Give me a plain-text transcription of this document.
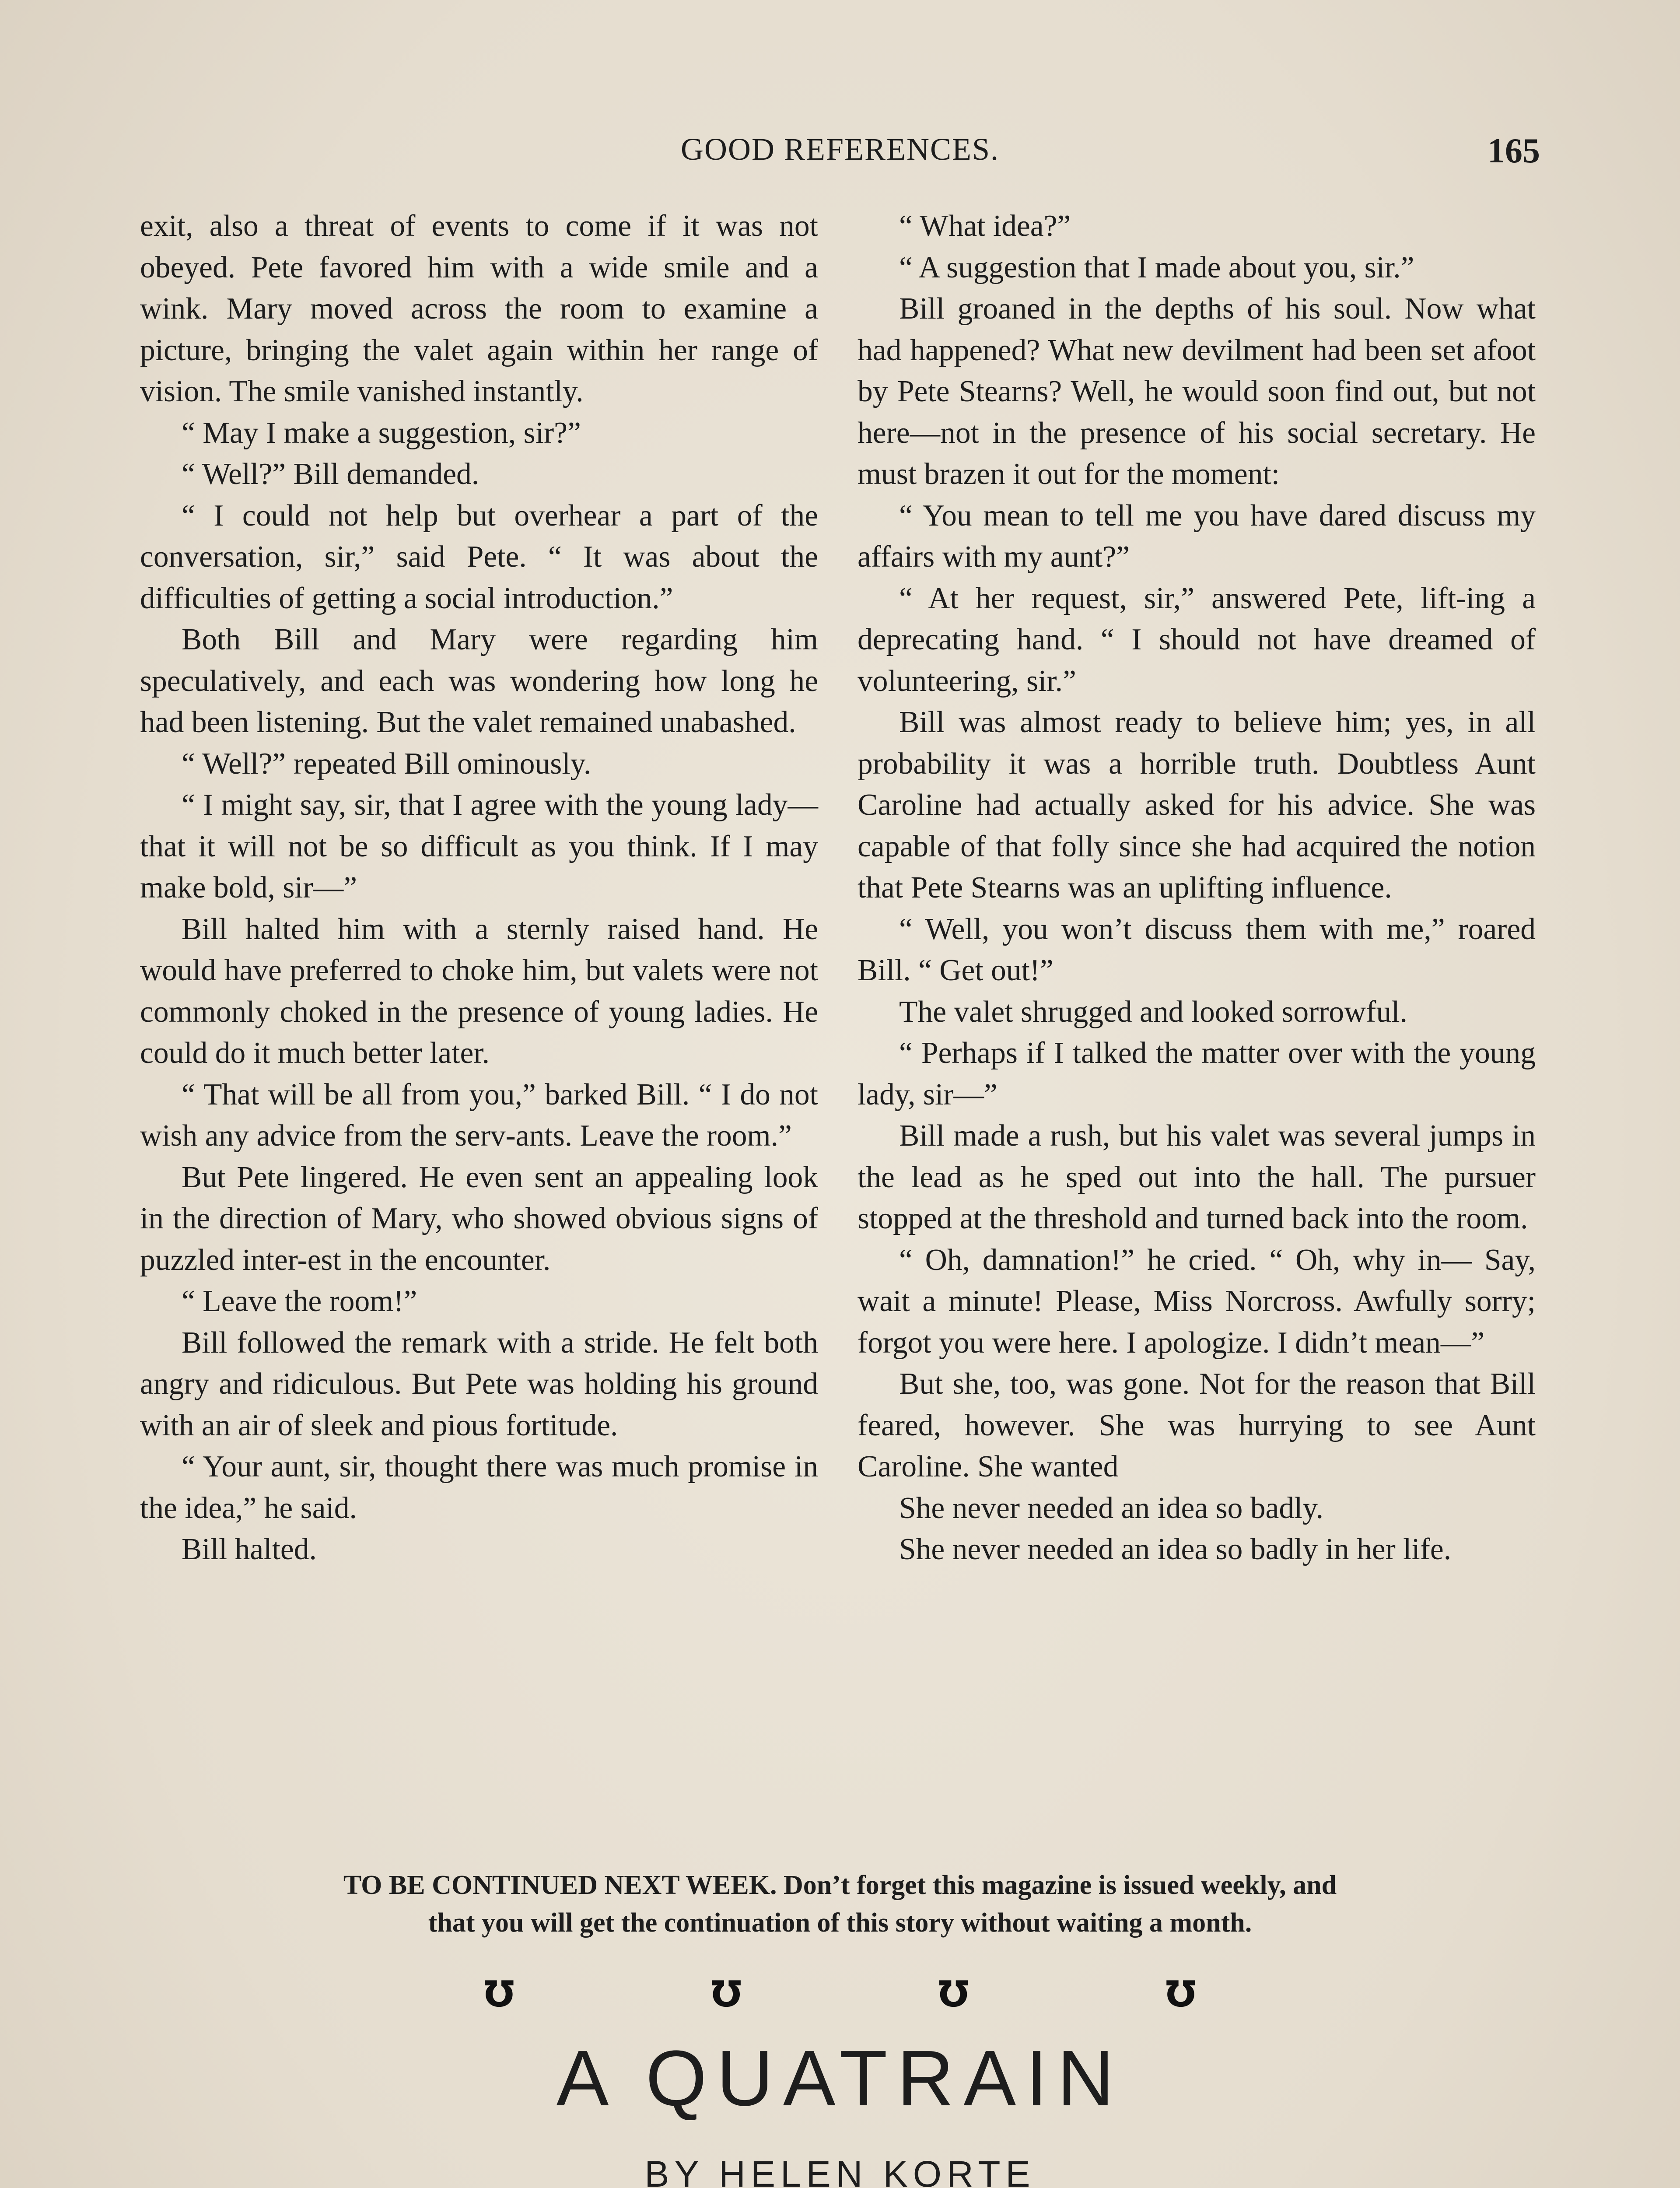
GOOD REFERENCES.	165

exit, also a threat of events to come if it was not obeyed. Pete favored him with a wide smile and a wink. Mary moved across the room to examine a picture, bringing the valet again within her range of vision. The smile vanished instantly.

“ May I make a suggestion, sir?”

“ Well?” Bill demanded.

“ I could not help but overhear a part of the conversation, sir,” said Pete. “ It was about the difficulties of getting a social introduction.”

Both Bill and Mary were regarding him speculatively, and each was wondering how long he had been listening. But the valet remained unabashed.

“ Well?” repeated Bill ominously.

“ I might say, sir, that I agree with the young lady—that it will not be so difficult as you think. If I may make bold, sir—”

Bill halted him with a sternly raised hand. He would have preferred to choke him, but valets were not commonly choked in the presence of young ladies. He could do it much better later.

“ That will be all from you,” barked Bill. “ I do not wish any advice from the serv-ants. Leave the room.”

But Pete lingered. He even sent an appealing look in the direction of Mary, who showed obvious signs of puzzled inter-est in the encounter.

“ Leave the room!”

Bill followed the remark with a stride. He felt both angry and ridiculous. But Pete was holding his ground with an air of sleek and pious fortitude.

“ Your aunt, sir, thought there was much promise in the idea,” he said.

Bill halted.

“ What idea?”

“ A suggestion that I made about you, sir.”

Bill groaned in the depths of his soul. Now what had happened? What new devilment had been set afoot by Pete Stearns? Well, he would soon find out, but not here—not in the presence of his social secretary. He must brazen it out for the moment:

“ You mean to tell me you have dared discuss my affairs with my aunt?”

“ At her request, sir,” answered Pete, lift-ing a deprecating hand. “ I should not have dreamed of volunteering, sir.”

Bill was almost ready to believe him; yes, in all probability it was a horrible truth. Doubtless Aunt Caroline had actually asked for his advice. She was capable of that folly since she had acquired the notion that Pete Stearns was an uplifting influence.

“ Well, you won’t discuss them with me,” roared Bill. “ Get out!”

The valet shrugged and looked sorrowful.

“ Perhaps if I talked the matter over with the young lady, sir—”

Bill made a rush, but his valet was several jumps in the lead as he sped out into the hall. The pursuer stopped at the threshold and turned back into the room.

“ Oh, damnation!” he cried. “ Oh, why in— Say, wait a minute! Please, Miss Norcross. Awfully sorry; forgot you were here. I apologize. I didn’t mean—”

But she, too, was gone. Not for the reason that Bill feared, however. She was hurrying to see Aunt Caroline. She wanted

She never needed an idea so badly.

She never needed an idea so badly in her life.

TO BE CONTINUED NEXT WEEK. Don’t forget this magazine is issued weekly, and
that you will get the continuation of this story without waiting a month.
℧	℧	℧	℧
A QUATRAIN
BY HELEN KORTE
